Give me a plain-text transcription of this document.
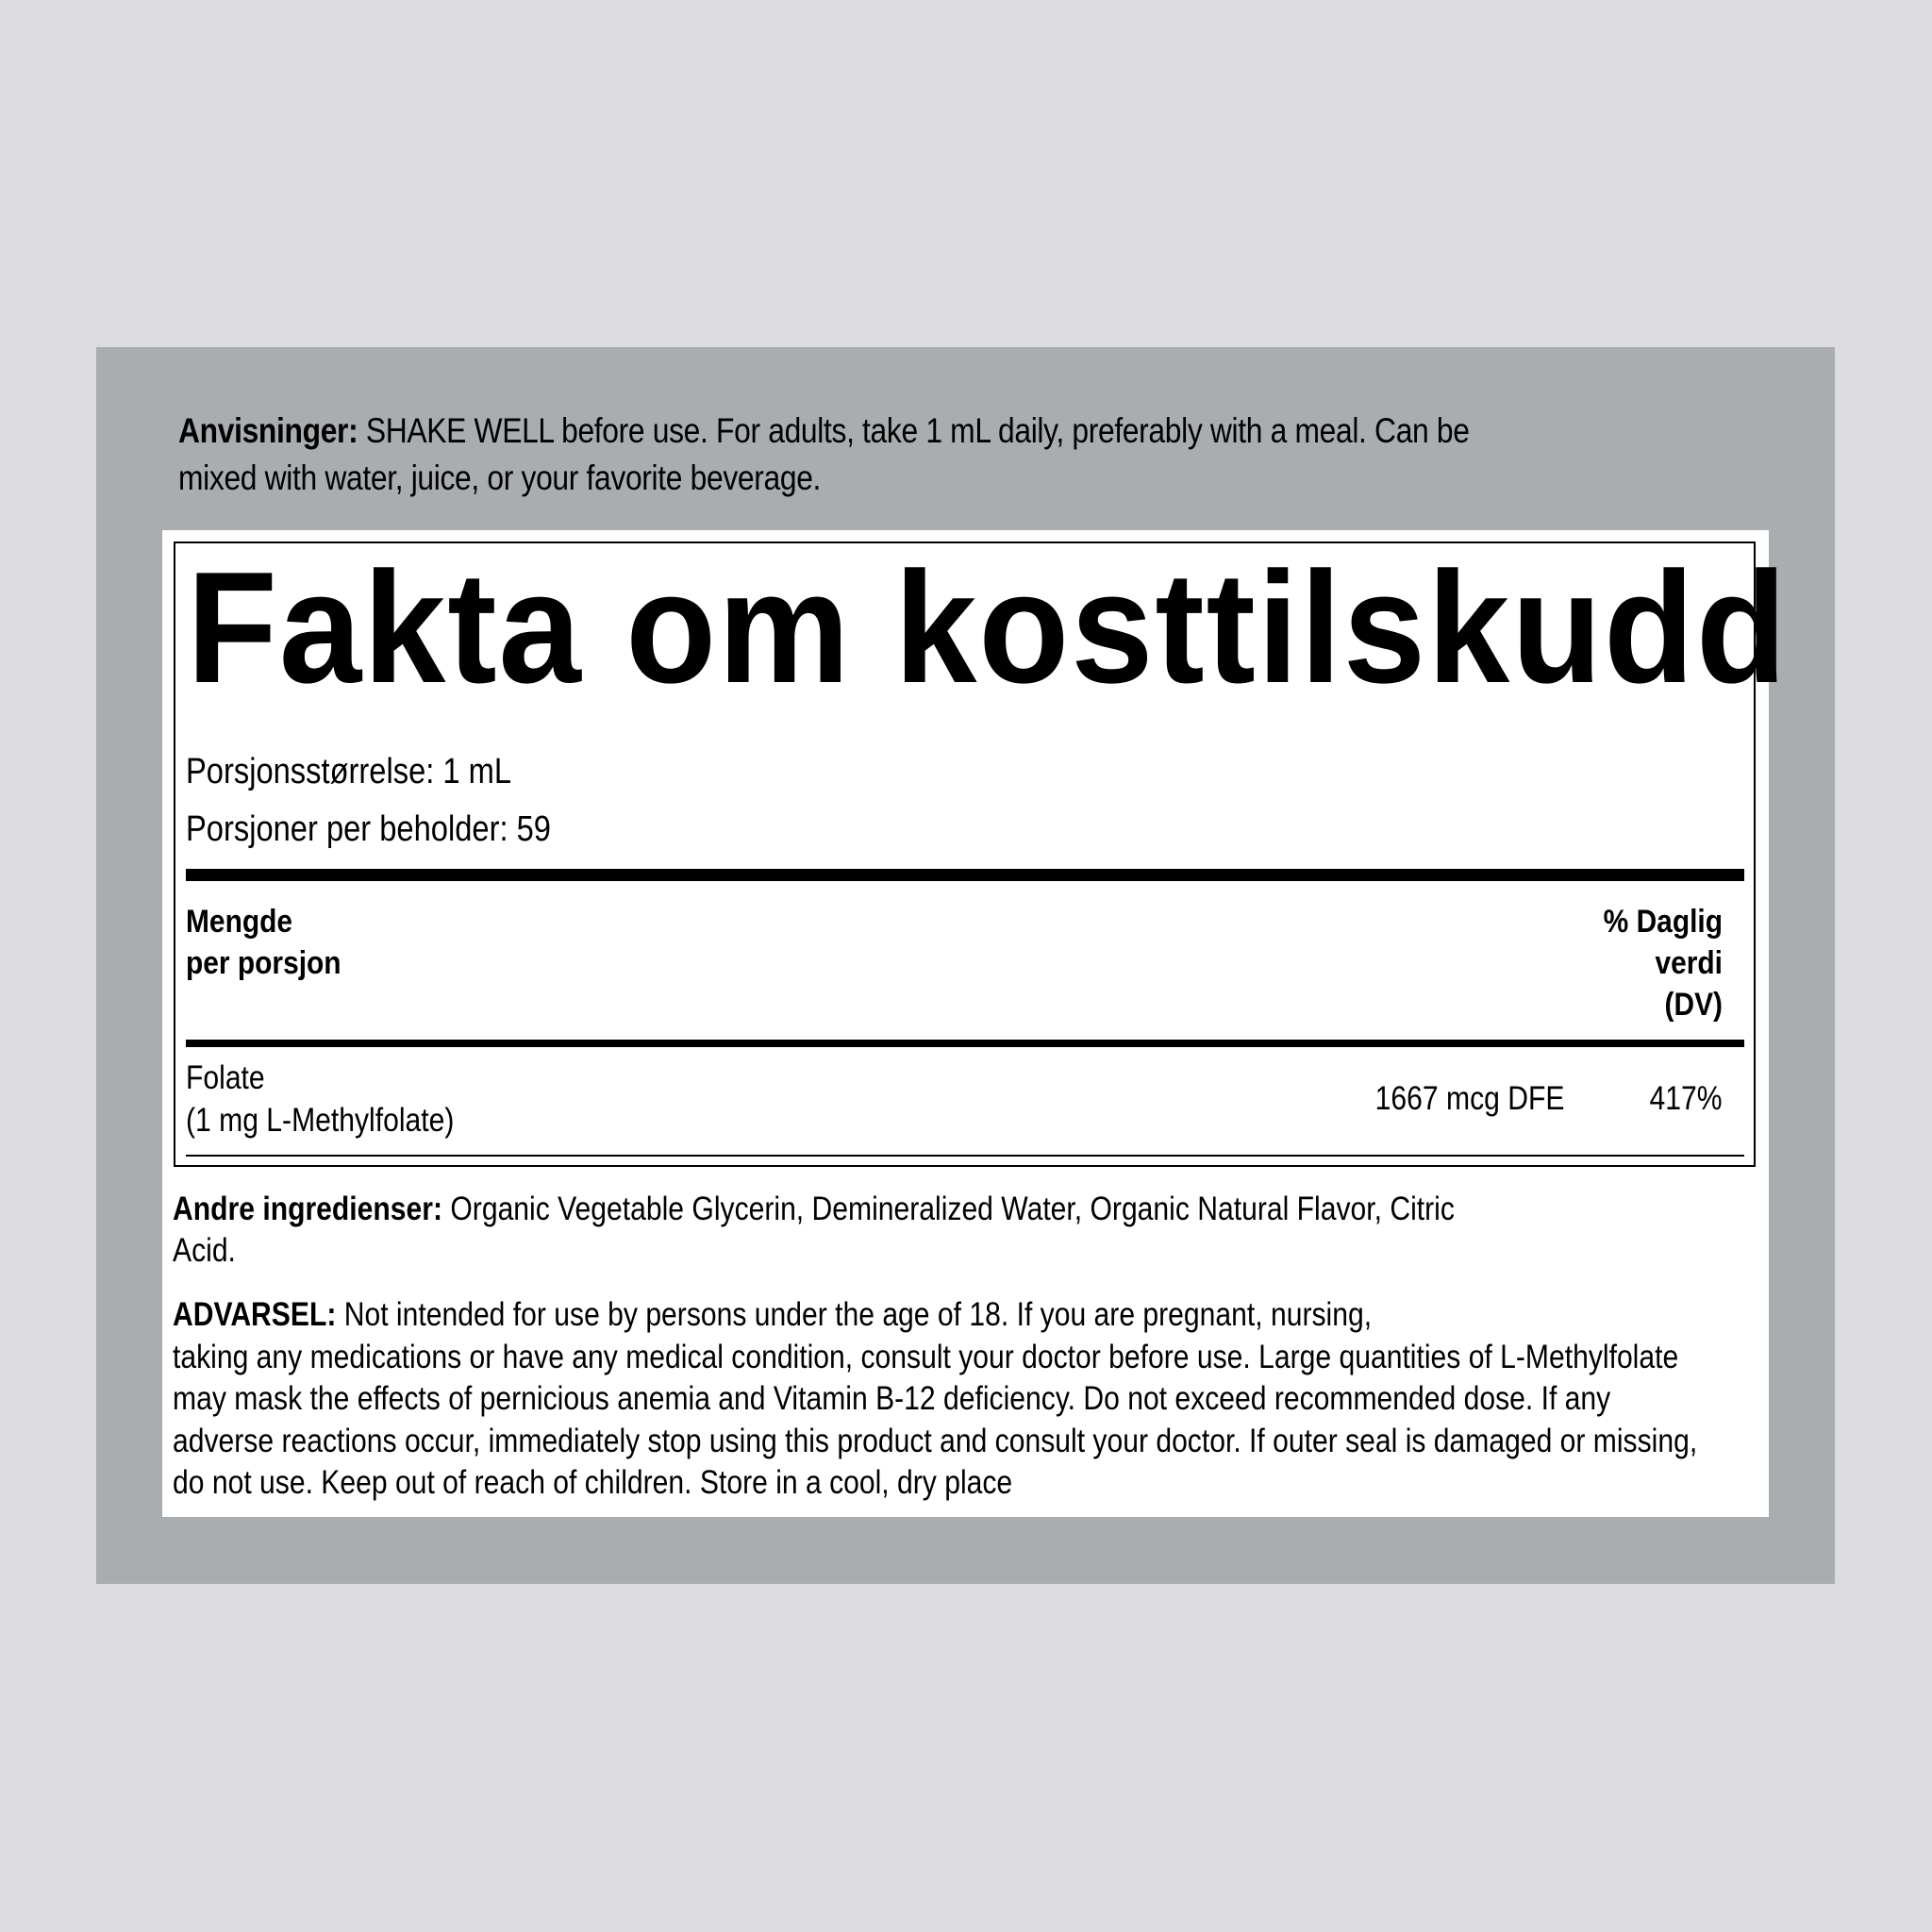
Anvisninger: SHAKE WELL before use. For adults, take 1 mL daily, preferably with a meal. Can be mixed with water, juice, or your favorite beverage.
Fakta om kosttilskudd
Porsjonsstørrelse: 1 mL
Porsjoner per beholder: 59
Mengde
per porsjon
% Daglig
verdi
(DV)
Folate
(1 mg L-Methylfolate)
1667 mcg DFE	417%
Andre ingredienser: Organic Vegetable Glycerin, Demineralized Water, Organic Natural Flavor, Citric
Acid.
ADVARSEL: Not intended for use by persons under the age of 18. If you are pregnant, nursing,
taking any medications or have any medical condition, consult your doctor before use. Large quantities of L-Methylfolate
may mask the effects of pernicious anemia and Vitamin B-12 deficiency. Do not exceed recommended dose. If any
adverse reactions occur, immediately stop using this product and consult your doctor. If outer seal is damaged or missing,
do not use. Keep out of reach of children. Store in a cool, dry place
